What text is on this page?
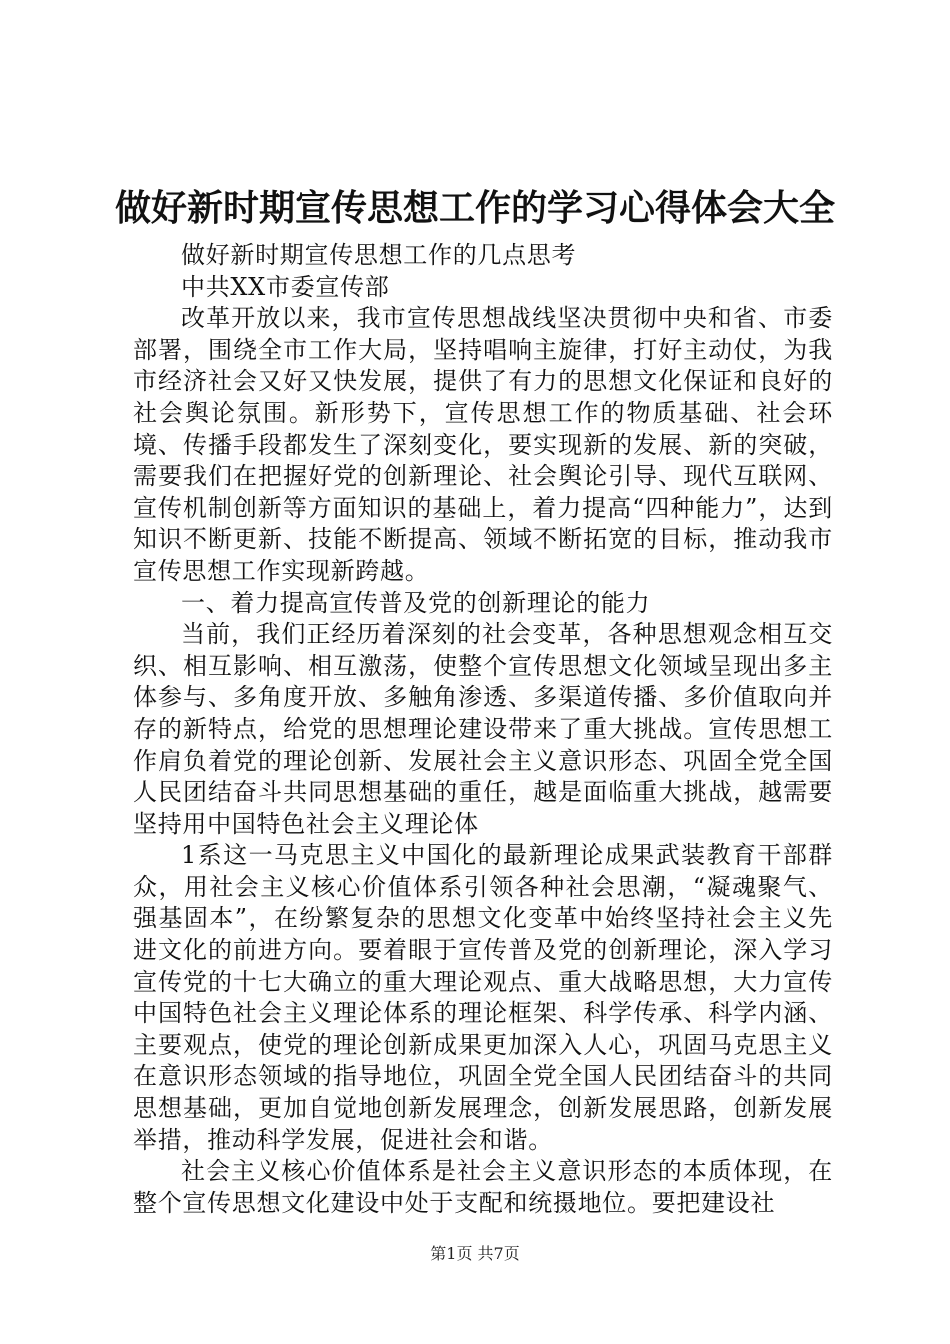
做好新时期宣传思想工作的学习心得体会大全

做好新时期宣传思想工作的几点思考

中共XX市委宣传部

改革开放以来，我市宣传思想战线坚决贯彻中央和省、市委部署，围绕全市工作大局，坚持唱响主旋律，打好主动仗，为我市经济社会又好又快发展，提供了有力的思想文化保证和良好的社会舆论氛围。新形势下，宣传思想工作的物质基础、社会环境、传播手段都发生了深刻变化，要实现新的发展、新的突破，需要我们在把握好党的创新理论、社会舆论引导、现代互联网、宣传机制创新等方面知识的基础上，着力提高“四种能力”，达到知识不断更新、技能不断提高、领域不断拓宽的目标，推动我市宣传思想工作实现新跨越。

一、着力提高宣传普及党的创新理论的能力

当前，我们正经历着深刻的社会变革，各种思想观念相互交织、相互影响、相互激荡，使整个宣传思想文化领域呈现出多主体参与、多角度开放、多触角渗透、多渠道传播、多价值取向并存的新特点，给党的思想理论建设带来了重大挑战。宣传思想工作肩负着党的理论创新、发展社会主义意识形态、巩固全党全国人民团结奋斗共同思想基础的重任，越是面临重大挑战，越需要坚持用中国特色社会主义理论体

1系这一马克思主义中国化的最新理论成果武装教育干部群众，用社会主义核心价值体系引领各种社会思潮，“凝魂聚气、强基固本”，在纷繁复杂的思想文化变革中始终坚持社会主义先进文化的前进方向。要着眼于宣传普及党的创新理论，深入学习宣传党的十七大确立的重大理论观点、重大战略思想，大力宣传中国特色社会主义理论体系的理论框架、科学传承、科学内涵、主要观点，使党的理论创新成果更加深入人心，巩固马克思主义在意识形态领域的指导地位，巩固全党全国人民团结奋斗的共同思想基础，更加自觉地创新发展理念，创新发展思路，创新发展举措，推动科学发展，促进社会和谐。

社会主义核心价值体系是社会主义意识形态的本质体现，在整个宣传思想文化建设中处于支配和统摄地位。要把建设社

第1页 共7页
